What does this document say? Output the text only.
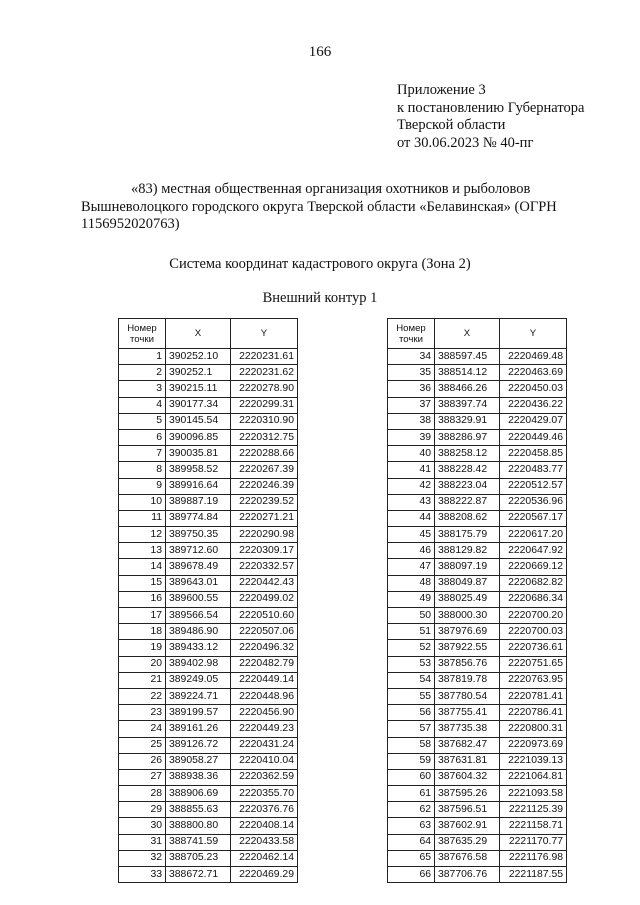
166
Приложение 3
к постановлению Губернатора
Тверской области
от 30.06.2023 № 40-пг
«83) местная общественная организация охотников и рыболовов
Вышневолоцкого городского округа Тверской области «Белавинская» (ОГРН
1156952020763)
Система координат кадастрового округа (Зона 2)
Внешний контур 1
Номер
точки	X	Y
1	390252.10	2220231.61
2	390252.1	2220231.62
3	390215.11	2220278.90
4	390177.34	2220299.31
5	390145.54	2220310.90
6	390096.85	2220312.75
7	390035.81	2220288.66
8	389958.52	2220267.39
9	389916.64	2220246.39
10	389887.19	2220239.52
11	389774.84	2220271.21
12	389750.35	2220290.98
13	389712.60	2220309.17
14	389678.49	2220332.57
15	389643.01	2220442.43
16	389600.55	2220499.02
17	389566.54	2220510.60
18	389486.90	2220507.06
19	389433.12	2220496.32
20	389402.98	2220482.79
21	389249.05	2220449.14
22	389224.71	2220448.96
23	389199.57	2220456.90
24	389161.26	2220449.23
25	389126.72	2220431.24
26	389058.27	2220410.04
27	388938.36	2220362.59
28	388906.69	2220355.70
29	388855.63	2220376.76
30	388800.80	2220408.14
31	388741.59	2220433.58
32	388705.23	2220462.14
33	388672.71	2220469.29
Номер
точки	X	Y
34	388597.45	2220469.48
35	388514.12	2220463.69
36	388466.26	2220450.03
37	388397.74	2220436.22
38	388329.91	2220429.07
39	388286.97	2220449.46
40	388258.12	2220458.85
41	388228.42	2220483.77
42	388223.04	2220512.57
43	388222.87	2220536.96
44	388208.62	2220567.17
45	388175.79	2220617.20
46	388129.82	2220647.92
47	388097.19	2220669.12
48	388049.87	2220682.82
49	388025.49	2220686.34
50	388000.30	2220700.20
51	387976.69	2220700.03
52	387922.55	2220736.61
53	387856.76	2220751.65
54	387819.78	2220763.95
55	387780.54	2220781.41
56	387755.41	2220786.41
57	387735.38	2220800.31
58	387682.47	2220973.69
59	387631.81	2221039.13
60	387604.32	2221064.81
61	387595.26	2221093.58
62	387596.51	2221125.39
63	387602.91	2221158.71
64	387635.29	2221170.77
65	387676.58	2221176.98
66	387706.76	2221187.55
